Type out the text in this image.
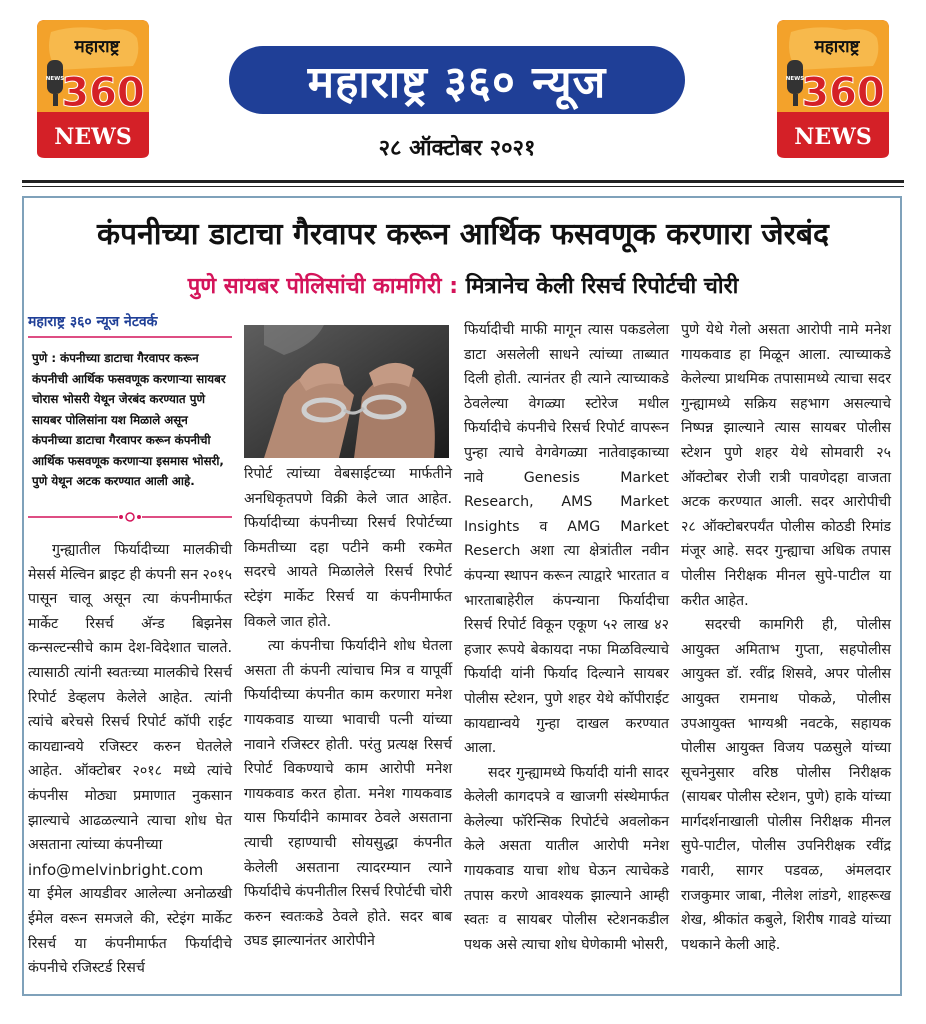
महाराष्ट्र
NEWS
360
NEWS
महाराष्ट्र
NEWS
360
NEWS
महाराष्ट्र ३६० न्यूज
२८ ऑक्टोबर २०२१
कंपनीच्या डाटाचा गैरवापर करून आर्थिक फसवणूक करणारा जेरबंद
पुणे सायबर पोलिसांची कामगिरी : मित्रानेच केली रिसर्च रिपोर्टची चोरी
महाराष्ट्र ३६० न्यूज नेटवर्क
पुणे : कंपनीच्या डाटाचा गैरवापर करून कंपनीची आर्थिक फसवणूक करणाऱ्या सायबर चोरास भोसरी येथून जेरबंद करण्यात पुणे सायबर पोलिसांना यश मिळाले असून कंपनीच्या डाटाचा गैरवापर करून कंपनीची आर्थिक फसवणूक करणाऱ्या इसमास भोसरी, पुणे येथून अटक करण्यात आली आहे.

गुन्ह्यातील फिर्यादीच्या मालकीची मेसर्स मेल्विन ब्राइट ही कंपनी सन २०१५ पासून चालू असून त्या कंपनीमार्फत मार्केट रिसर्च अ‍ॅन्ड बिझनेस कन्सल्टन्सीचे काम देश-विदेशात चालते. त्यासाठी त्यांनी स्वतःच्या मालकीचे रिसर्च रिपोर्ट डेव्हलप केलेले आहेत. त्यांनी त्यांचे बरेचसे रिसर्च रिपोर्ट कॉपी राईट कायद्यान्वये रजिस्टर करुन घेतलेले आहेत. ऑक्टोबर २०१८ मध्ये त्यांचे कंपनीस मोठ्या प्रमाणात नुकसान झाल्याचे आढळल्याने त्याचा शोध घेत असताना त्यांच्या कंपनीच्या

info@melvinbright.com

या ईमेल आयडीवर आलेल्या अनोळखी ईमेल वरून समजले की, स्टेइंग मार्केट रिसर्च या कंपनीमार्फत फिर्यादीचे कंपनीचे रजिस्टर्ड रिसर्च

रिपोर्ट त्यांच्या वेबसाईटच्या मार्फतीने अनधिकृतपणे विक्री केले जात आहेत. फिर्यादीच्या कंपनीच्या रिसर्च रिपोर्टच्या किमतीच्या दहा पटीने कमी रकमेत सदरचे आयते मिळालेले रिसर्च रिपोर्ट स्टेइंग मार्केट रिसर्च या कंपनीमार्फत विकले जात होते.

त्या कंपनीचा फिर्यादीने शोध घेतला असता ती कंपनी त्यांचाच मित्र व यापूर्वी फिर्यादीच्या कंपनीत काम करणारा मनेश गायकवाड याच्या भावाची पत्नी यांच्या नावाने रजिस्टर होती. परंतु प्रत्यक्ष रिसर्च रिपोर्ट विकण्याचे काम आरोपी मनेश गायकवाड करत होता. मनेश गायकवाड यास फिर्यादीने कामावर ठेवले असताना त्याची रहाण्याची सोयसुद्धा कंपनीत केलेली असताना त्यादरम्यान त्याने फिर्यादीचे कंपनीतील रिसर्च रिपोर्टची चोरी करुन स्वतःकडे ठेवले होते. सदर बाब उघड झाल्यानंतर आरोपीने

फिर्यादीची माफी मागून त्यास पकडलेला डाटा असलेली साधने त्यांच्या ताब्यात दिली होती. त्यानंतर ही त्याने त्याच्याकडे ठेवलेल्या वेगळ्या स्टोरेज मधील फिर्यादीचे कंपनीचे रिसर्च रिपोर्ट वापरून पुन्हा त्याचे वेगवेगळ्या नातेवाइकाच्या नावे Genesis Market Research, AMS Market Insights व AMG Market Reserch अशा त्या क्षेत्रांतील नवीन कंपन्या स्थापन करून त्याद्वारे भारतात व भारताबाहेरील कंपन्याना फिर्यादीचा रिसर्च रिपोर्ट विकून एकूण ५२ लाख ४२ हजार रूपये बेकायदा नफा मिळविल्याचे फिर्यादी यांनी फिर्याद दिल्याने सायबर पोलीस स्टेशन, पुणे शहर येथे कॉपीराईट कायद्यान्वये गुन्हा दाखल करण्यात आला.

सदर गुन्ह्यामध्ये फिर्यादी यांनी सादर केलेली कागदपत्रे व खाजगी संस्थेमार्फत केलेल्या फॉरेन्सिक रिपोर्टचे अवलोकन केले असता यातील आरोपी मनेश गायकवाड याचा शोध घेऊन त्याचेकडे तपास करणे आवश्यक झाल्याने आम्ही स्वतः व सायबर पोलीस स्टेशनकडील पथक असे त्याचा शोध घेणेकामी भोसरी,

पुणे येथे गेलो असता आरोपी नामे मनेश गायकवाड हा मिळून आला. त्याच्याकडे केलेल्या प्राथमिक तपासामध्ये त्याचा सदर गुन्ह्यामध्ये सक्रिय सहभाग असल्याचे निष्पन्न झाल्याने त्यास सायबर पोलीस स्टेशन पुणे शहर येथे सोमवारी २५ ऑक्टोबर रोजी रात्री पावणेदहा वाजता अटक करण्यात आली. सदर आरोपीची २८ ऑक्टोबरपर्यंत पोलीस कोठडी रिमांड मंजूर आहे. सदर गुन्ह्याचा अधिक तपास पोलीस निरीक्षक मीनल सुपे-पाटील या करीत आहेत.

सदरची कामगिरी ही, पोलीस आयुक्त अमिताभ गुप्ता, सहपोलीस आयुक्त डॉ. रवींद्र शिसवे, अपर पोलीस आयुक्त रामनाथ पोकळे, पोलीस उपआयुक्त भाग्यश्री नवटके, सहायक पोलीस आयुक्त विजय पळसुले यांच्या सूचनेनुसार वरिष्ठ पोलीस निरीक्षक (सायबर पोलीस स्टेशन, पुणे) हाके यांच्या मार्गदर्शनाखाली पोलीस निरीक्षक मीनल सुपे-पाटील, पोलीस उपनिरीक्षक रवींद्र गवारी, सागर पडवळ, अंमलदार राजकुमार जाबा, नीलेश लांडगे, शाहरूख शेख, श्रीकांत कबुले, शिरीष गावडे यांच्या पथकाने केली आहे.
